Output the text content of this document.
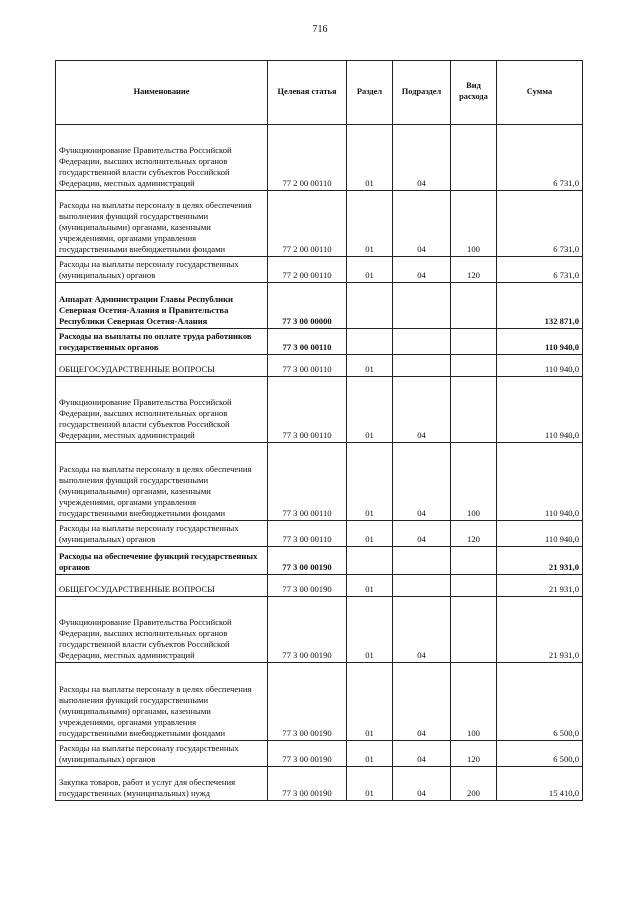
716
Наименование	Целевая статья	Раздел	Подраздел	Вид расхода	Сумма
Функционирование Правительства Российской Федерации, высших исполнительных органов государственной власти субъектов Российской Федерации, местных администраций	77 2 00 00110	01	04		6 731,0
Расходы на выплаты персоналу в целях обеспечения выполнения функций государственными (муниципальными) органами, казенными учреждениями, органами управления государственными внебюджетными фондами	77 2 00 00110	01	04	100	6 731,0
Расходы на выплаты персоналу государственных (муниципальных) органов	77 2 00 00110	01	04	120	6 731,0
Аппарат Администрации Главы Республики Северная Осетия-Алания и Правительства Республики Северная Осетия-Алания	77 3 00 00000				132 871,0
Расходы на выплаты по оплате труда работников государственных органов	77 3 00 00110				110 940,0
ОБЩЕГОСУДАРСТВЕННЫЕ ВОПРОСЫ	77 3 00 00110	01			110 940,0
Функционирование Правительства Российской Федерации, высших исполнительных органов государственной власти субъектов Российской Федерации, местных администраций	77 3 00 00110	01	04		110 940,0
Расходы на выплаты персоналу в целях обеспечения выполнения функций государственными (муниципальными) органами, казенными учреждениями, органами управления государственными внебюджетными фондами	77 3 00 00110	01	04	100	110 940,0
Расходы на выплаты персоналу государственных (муниципальных) органов	77 3 00 00110	01	04	120	110 940,0
Расходы на обеспечение функций государственных органов	77 3 00 00190				21 931,0
ОБЩЕГОСУДАРСТВЕННЫЕ ВОПРОСЫ	77 3 00 00190	01			21 931,0
Функционирование Правительства Российской Федерации, высших исполнительных органов государственной власти субъектов Российской Федерации, местных администраций	77 3 00 00190	01	04		21 931,0
Расходы на выплаты персоналу в целях обеспечения выполнения функций государственными (муниципальными) органами, казенными учреждениями, органами управления государственными внебюджетными фондами	77 3 00 00190	01	04	100	6 500,0
Расходы на выплаты персоналу государственных (муниципальных) органов	77 3 00 00190	01	04	120	6 500,0
Закупка товаров, работ и услуг для обеспечения государственных (муниципальных) нужд	77 3 00 00190	01	04	200	15 410,0
